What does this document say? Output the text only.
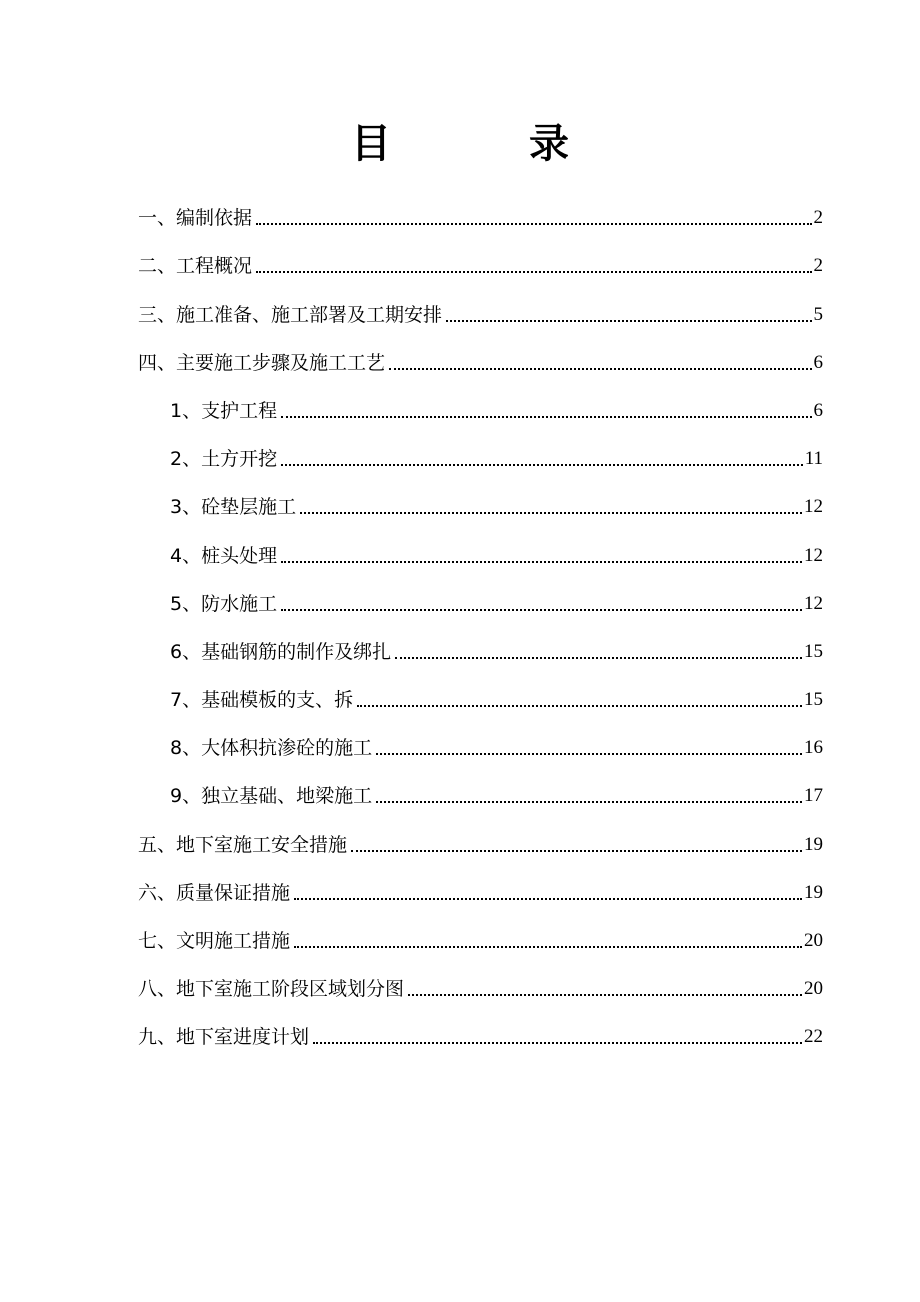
目 录
一、编制依据	2
二、工程概况	2
三、施工准备、施工部署及工期安排	5
四、主要施工步骤及施工工艺	6
1、支护工程	6
2、土方开挖	11
3、砼垫层施工	12
4、桩头处理	12
5、防水施工	12
6、基础钢筋的制作及绑扎	15
7、基础模板的支、拆	15
8、大体积抗渗砼的施工	16
9、独立基础、地梁施工	17
五、地下室施工安全措施	19
六、质量保证措施	19
七、文明施工措施	20
八、地下室施工阶段区域划分图	20
九、地下室进度计划	22
